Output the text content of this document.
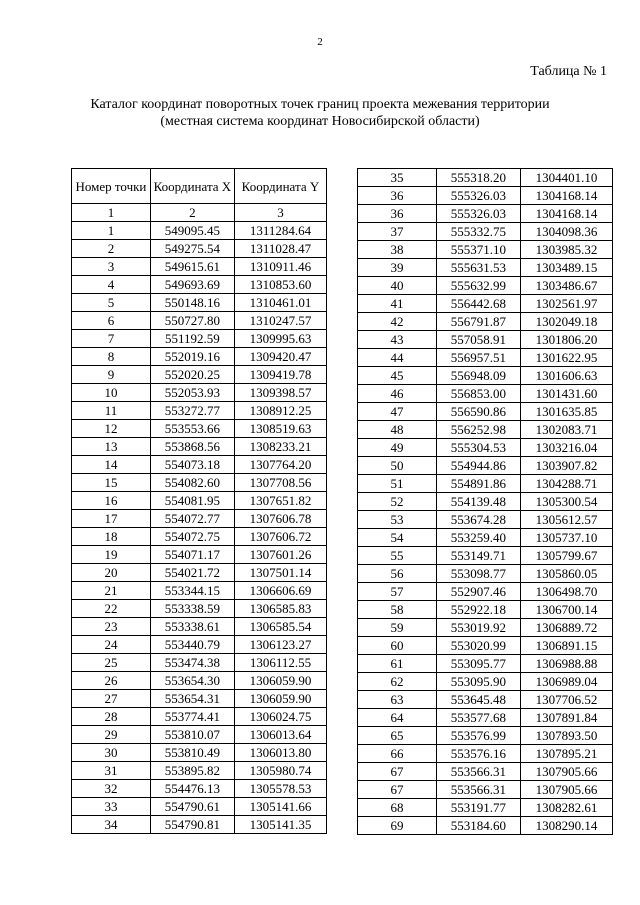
2
Таблица № 1
Каталог координат поворотных точек границ проекта межевания территории
(местная система координат Новосибирской области)
Номер точки	Координата X	Координата Y
1	2	3
1	549095.45	1311284.64
2	549275.54	1311028.47
3	549615.61	1310911.46
4	549693.69	1310853.60
5	550148.16	1310461.01
6	550727.80	1310247.57
7	551192.59	1309995.63
8	552019.16	1309420.47
9	552020.25	1309419.78
10	552053.93	1309398.57
11	553272.77	1308912.25
12	553553.66	1308519.63
13	553868.56	1308233.21
14	554073.18	1307764.20
15	554082.60	1307708.56
16	554081.95	1307651.82
17	554072.77	1307606.78
18	554072.75	1307606.72
19	554071.17	1307601.26
20	554021.72	1307501.14
21	553344.15	1306606.69
22	553338.59	1306585.83
23	553338.61	1306585.54
24	553440.79	1306123.27
25	553474.38	1306112.55
26	553654.30	1306059.90
27	553654.31	1306059.90
28	553774.41	1306024.75
29	553810.07	1306013.64
30	553810.49	1306013.80
31	553895.82	1305980.74
32	554476.13	1305578.53
33	554790.61	1305141.66
34	554790.81	1305141.35
35	555318.20	1304401.10
36	555326.03	1304168.14
36	555326.03	1304168.14
37	555332.75	1304098.36
38	555371.10	1303985.32
39	555631.53	1303489.15
40	555632.99	1303486.67
41	556442.68	1302561.97
42	556791.87	1302049.18
43	557058.91	1301806.20
44	556957.51	1301622.95
45	556948.09	1301606.63
46	556853.00	1301431.60
47	556590.86	1301635.85
48	556252.98	1302083.71
49	555304.53	1303216.04
50	554944.86	1303907.82
51	554891.86	1304288.71
52	554139.48	1305300.54
53	553674.28	1305612.57
54	553259.40	1305737.10
55	553149.71	1305799.67
56	553098.77	1305860.05
57	552907.46	1306498.70
58	552922.18	1306700.14
59	553019.92	1306889.72
60	553020.99	1306891.15
61	553095.77	1306988.88
62	553095.90	1306989.04
63	553645.48	1307706.52
64	553577.68	1307891.84
65	553576.99	1307893.50
66	553576.16	1307895.21
67	553566.31	1307905.66
67	553566.31	1307905.66
68	553191.77	1308282.61
69	553184.60	1308290.14
